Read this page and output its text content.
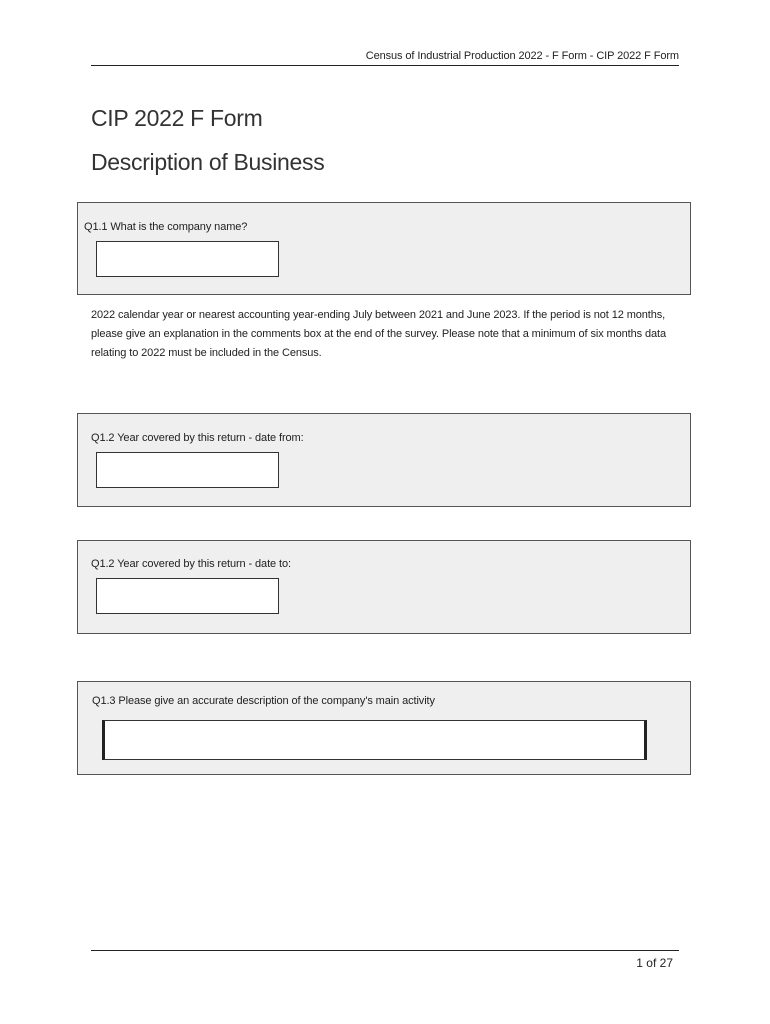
Census of Industrial Production 2022 - F Form - CIP 2022 F Form
CIP 2022 F Form
Description of Business
Q1.1 What is the company name?
2022 calendar year or nearest accounting year-ending July between 2021 and June 2023. If the period is not 12 months, please give an explanation in the comments box at the end of the survey. Please note that a minimum of six months data relating to 2022 must be included in the Census.
Q1.2 Year covered by this return - date from:
Q1.2 Year covered by this return - date to:
Q1.3 Please give an accurate description of the company's main activity
1 of 27
